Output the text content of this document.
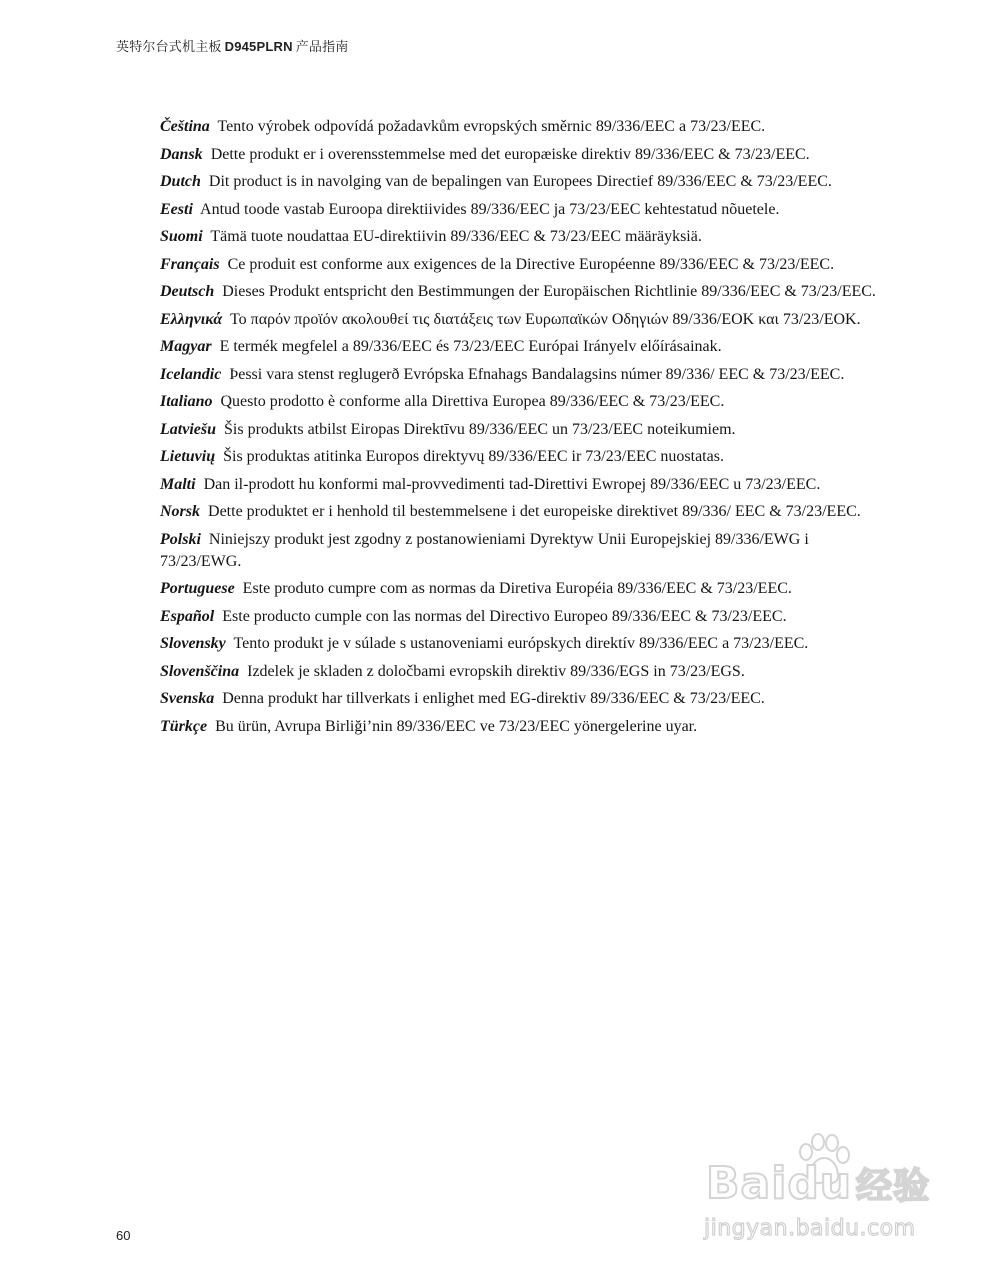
英特尔台式机主板 D945PLRN 产品指南

Čeština Tento výrobek odpovídá požadavkům evropských směrnic 89/336/EEC a 73/23/EEC.

Dansk Dette produkt er i overensstemmelse med det europæiske direktiv 89/336/EEC & 73/23/EEC.

Dutch Dit product is in navolging van de bepalingen van Europees Directief 89/336/EEC & 73/23/EEC.

Eesti Antud toode vastab Euroopa direktiivides 89/336/EEC ja 73/23/EEC kehtestatud nõuetele.

Suomi Tämä tuote noudattaa EU-direktiivin 89/336/EEC & 73/23/EEC määräyksiä.

Français Ce produit est conforme aux exigences de la Directive Européenne 89/336/EEC & 73/23/EEC.

Deutsch Dieses Produkt entspricht den Bestimmungen der Europäischen Richtlinie 89/336/EEC & 73/23/EEC.

Ελληνικά Το παρόν προϊόν ακολουθεί τις διατάξεις των Ευρωπαϊκών Οδηγιών 89/336/ΕΟΚ και 73/23/ΕΟΚ.

Magyar E termék megfelel a 89/336/EEC és 73/23/EEC Európai Irányelv előírásainak.

Icelandic Þessi vara stenst reglugerð Evrópska Efnahags Bandalagsins númer 89/336/ EEC & 73/23/EEC.

Italiano Questo prodotto è conforme alla Direttiva Europea 89/336/EEC & 73/23/EEC.

Latviešu Šis produkts atbilst Eiropas Direktīvu 89/336/EEC un 73/23/EEC noteikumiem.

Lietuvių Šis produktas atitinka Europos direktyvų 89/336/EEC ir 73/23/EEC nuostatas.

Malti Dan il-prodott hu konformi mal-provvedimenti tad-Direttivi Ewropej 89/336/EEC u 73/23/EEC.

Norsk Dette produktet er i henhold til bestemmelsene i det europeiske direktivet 89/336/ EEC & 73/23/EEC.

Polski Niniejszy produkt jest zgodny z postanowieniami Dyrektyw Unii Europejskiej 89/336/EWG i 73/23/EWG.

Portuguese Este produto cumpre com as normas da Diretiva Européia 89/336/EEC & 73/23/EEC.

Español Este producto cumple con las normas del Directivo Europeo 89/336/EEC & 73/23/EEC.

Slovensky Tento produkt je v súlade s ustanoveniami európskych direktív 89/336/EEC a 73/23/EEC.

Slovenščina Izdelek je skladen z določbami evropskih direktiv 89/336/EGS in 73/23/EGS.

Svenska Denna produkt har tillverkats i enlighet med EG-direktiv 89/336/EEC & 73/23/EEC.

Türkçe Bu ürün, Avrupa Birliği’nin 89/336/EEC ve 73/23/EEC yönergelerine uyar.

60
Baidu 经验
jingyan.baidu.com
